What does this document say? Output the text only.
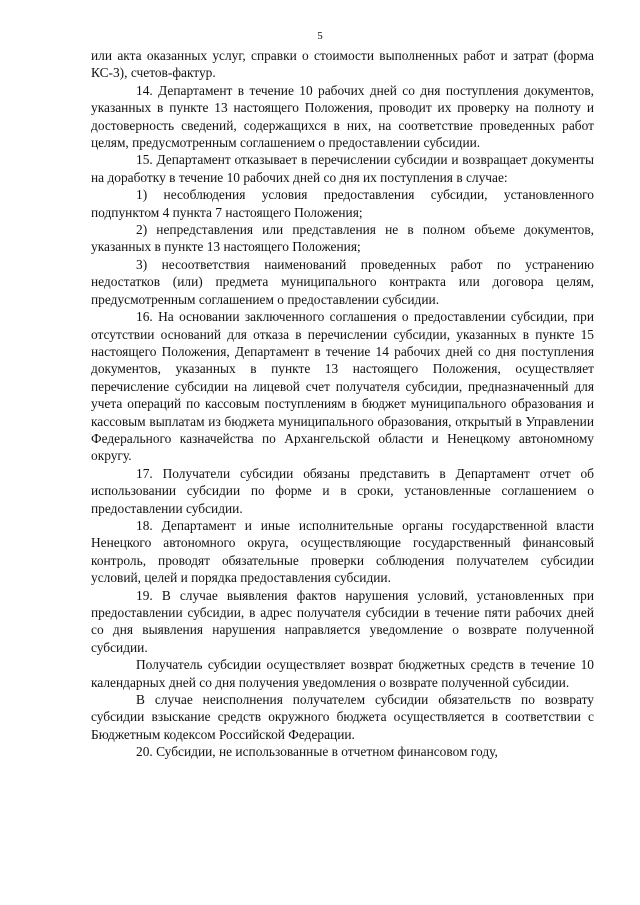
5

или акта оказанных услуг, справки о стоимости выполненных работ и затрат (форма КС-3), счетов-фактур.

14. Департамент в течение 10 рабочих дней со дня поступления документов, указанных в пункте 13 настоящего Положения, проводит их проверку на полноту и достоверность сведений, содержащихся в них, на соответствие проведенных работ целям, предусмотренным соглашением о предоставлении субсидии.

15. Департамент отказывает в перечислении субсидии и возвращает документы на доработку в течение 10 рабочих дней со дня их поступления в случае:

1) несоблюдения условия предоставления субсидии, установленного подпунктом 4 пункта 7 настоящего Положения;

2) непредставления или представления не в полном объеме документов, указанных в пункте 13 настоящего Положения;

3) несоответствия наименований проведенных работ по устранению недостатков (или) предмета муниципального контракта или договора целям, предусмотренным соглашением о предоставлении субсидии.

16. На основании заключенного соглашения о предоставлении субсидии, при отсутствии оснований для отказа в перечислении субсидии, указанных в пункте 15 настоящего Положения, Департамент в течение 14 рабочих дней со дня поступления документов, указанных в пункте 13 настоящего Положения, осуществляет перечисление субсидии на лицевой счет получателя субсидии, предназначенный для учета операций по кассовым поступлениям в бюджет муниципального образования и кассовым выплатам из бюджета муниципального образования, открытый в Управлении Федерального казначейства по Архангельской области и Ненецкому автономному округу.

17. Получатели субсидии обязаны представить в Департамент отчет об использовании субсидии по форме и в сроки, установленные соглашением о предоставлении субсидии.

18. Департамент и иные исполнительные органы государственной власти Ненецкого автономного округа, осуществляющие государственный финансовый контроль, проводят обязательные проверки соблюдения получателем субсидии условий, целей и порядка предоставления субсидии.

19. В случае выявления фактов нарушения условий, установленных при предоставлении субсидии, в адрес получателя субсидии в течение пяти рабочих дней со дня выявления нарушения направляется уведомление о возврате полученной субсидии.

Получатель субсидии осуществляет возврат бюджетных средств в течение 10 календарных дней со дня получения уведомления о возврате полученной субсидии.

В случае неисполнения получателем субсидии обязательств по возврату субсидии взыскание средств окружного бюджета осуществляется в соответствии с Бюджетным кодексом Российской Федерации.

20. Субсидии, не использованные в отчетном финансовом году,
